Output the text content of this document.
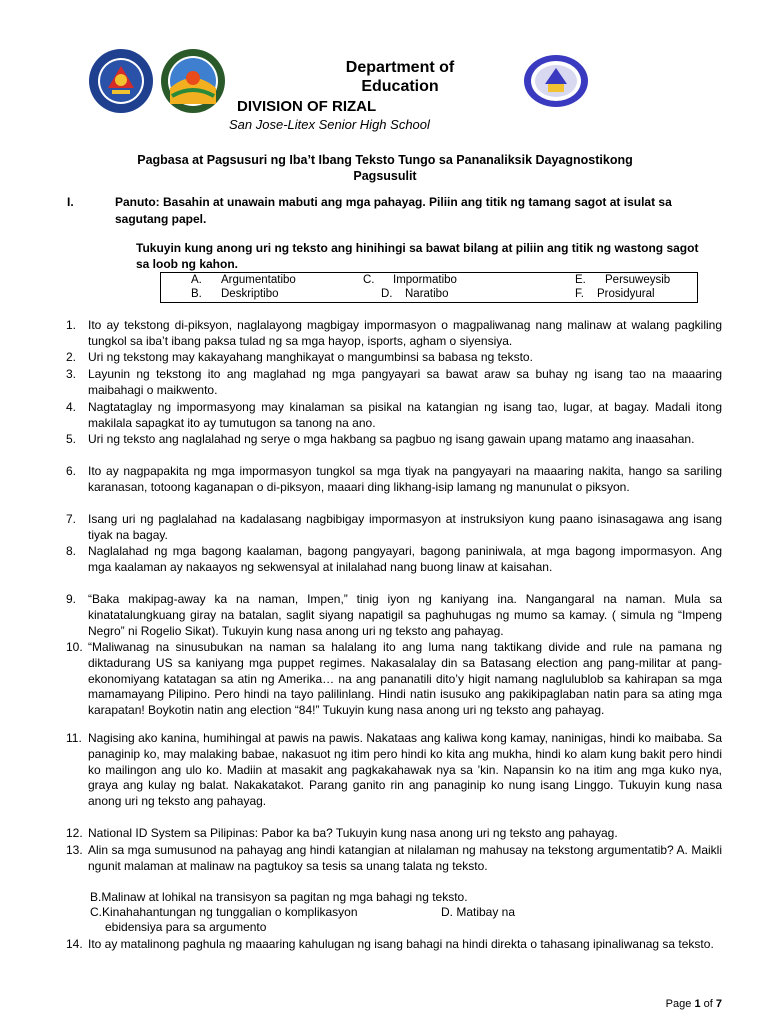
Department of
Education
DIVISION OF RIZAL
San Jose-Litex Senior High School
Pagbasa at Pagsusuri ng Iba’t Ibang Teksto Tungo sa Pananaliksik Dayagnostikong
Pagsusulit
I.	Panuto: Basahin at unawain mabuti ang mga pahayag. Piliin ang titik ng tamang sagot at isulat sa sagutang papel.
Tukuyin kung anong uri ng teksto ang hinihingi sa bawat bilang at piliin ang titik ng wastong sagot sa loob ng kahon.
A. Argumentatibo
B. Deskriptibo
C. Impormatibo
D. Naratibo
E. Persuweysib
F. Prosidyural
1. Ito ay tekstong di-piksyon, naglalayong magbigay impormasyon o magpaliwanag nang malinaw at walang pagkiling tungkol sa iba’t ibang paksa tulad ng sa mga hayop, isports, agham o siyensiya.
2. Uri ng tekstong may kakayahang manghikayat o mangumbinsi sa babasa ng teksto.
3. Layunin ng tekstong ito ang maglahad ng mga pangyayari sa bawat araw sa buhay ng isang tao na maaaring maibahagi o maikwento.
4. Nagtataglay ng impormasyong may kinalaman sa pisikal na katangian ng isang tao, lugar, at bagay. Madali itong makilala sapagkat ito ay tumutugon sa tanong na ano.
5. Uri ng teksto ang naglalahad ng serye o mga hakbang sa pagbuo ng isang gawain upang matamo ang inaasahan.
6. Ito ay nagpapakita ng mga impormasyon tungkol sa mga tiyak na pangyayari na maaaring nakita, hango sa sariling karanasan, totoong kaganapan o di-piksyon, maaari ding likhang-isip lamang ng manunulat o piksyon.
7. Isang uri ng paglalahad na kadalasang nagbibigay impormasyon at instruksiyon kung paano isinasagawa ang isang tiyak na bagay.
8. Naglalahad ng mga bagong kaalaman, bagong pangyayari, bagong paniniwala, at mga bagong impormasyon. Ang mga kaalaman ay nakaayos ng sekwensyal at inilalahad nang buong linaw at kaisahan.
9. “Baka makipag-away ka na naman, Impen,” tinig iyon ng kaniyang ina. Nangangaral na naman. Mula sa kinatatalungkuang giray na batalan, saglit siyang napatigil sa paghuhugas ng mumo sa kamay. ( simula ng “Impeng Negro” ni Rogelio Sikat). Tukuyin kung nasa anong uri ng teksto ang pahayag.
10. “Maliwanag na sinusubukan na naman sa halalang ito ang luma nang taktikang divide and rule na pamana ng diktadurang US sa kaniyang mga puppet regimes. Nakasalalay din sa Batasang election ang pang-militar at pang-ekonomiyang katatagan sa atin ng Amerika… na ang pananatili dito’y higit namang naglulublob sa kahirapan sa mga mamamayang Pilipino. Pero hindi na tayo palilinlang. Hindi natin isusuko ang pakikipaglaban natin para sa ating mga karapatan! Boykotin natin ang election “84!” Tukuyin kung nasa anong uri ng teksto ang pahayag.
11. Nagising ako kanina, humihingal at pawis na pawis. Nakataas ang kaliwa kong kamay, naninigas, hindi ko maibaba. Sa panaginip ko, may malaking babae, nakasuot ng itim pero hindi ko kita ang mukha, hindi ko alam kung bakit pero hindi ko mailingon ang ulo ko. Madiin at masakit ang pagkakahawak nya sa ’kin. Napansin ko na itim ang mga kuko nya, graya ang kulay ng balat. Nakakatakot. Parang ganito rin ang panaginip ko nung isang Linggo. Tukuyin kung nasa anong uri ng teksto ang pahayag.
12. National ID System sa Pilipinas: Pabor ka ba? Tukuyin kung nasa anong uri ng teksto ang pahayag.
13. Alin sa mga sumusunod na pahayag ang hindi katangian at nilalaman ng mahusay na tekstong argumentatib? A. Maikli ngunit malaman at malinaw na pagtukoy sa tesis sa unang talata ng teksto.
B.Malinaw at lohikal na transisyon sa pagitan ng mga bahagi ng teksto.
C.Kinahahantungan ng tunggalian o komplikasyon	D. Matibay na
ebidensiya para sa argumento
14. Ito ay matalinong paghula ng maaaring kahulugan ng isang bahagi na hindi direkta o tahasang ipinaliwanag sa teksto.
Page 1 of 7
